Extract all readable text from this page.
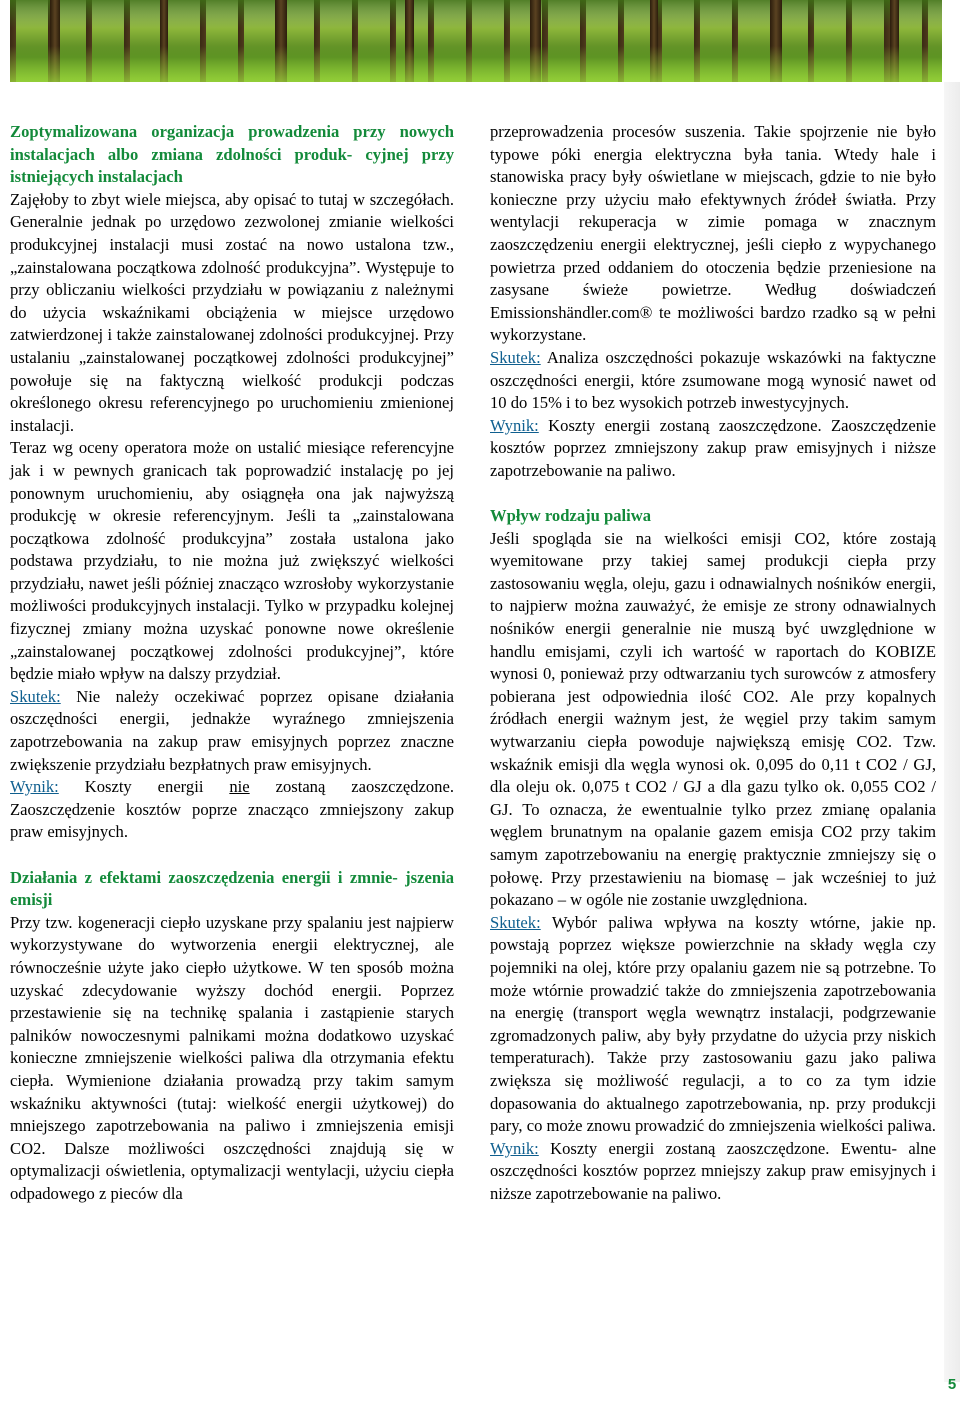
Zoptymalizowana organizacja prowadzenia przy nowych instalacjach albo zmiana zdolności produk- cyjnej przy istniejących instalacjach

Zajęłoby to zbyt wiele miejsca, aby opisać to tutaj w szczegółach. Generalnie jednak po urzędowo zezwolonej zmianie wielkości produkcyjnej instalacji musi zostać na nowo ustalona tzw., „zainstalowana początkowa zdolność produkcyjna”. Występuje to przy obliczaniu wielkości przydziału w powiązaniu z należnymi do użycia wskaźnikami obciążenia w miejsce urzędowo zatwierdzonej i także zainstalowanej zdolności produkcyjnej. Przy ustalaniu „zainstalowanej początkowej zdolności produkcyjnej” powołuje się na faktyczną wielkość produkcji podczas określonego okresu referencyjnego po uruchomieniu zmienionej instalacji.

Teraz wg oceny operatora może on ustalić miesiące referencyjne jak i w pewnych granicach tak poprowadzić instalację po jej ponownym uruchomieniu, aby osiągnęła ona jak najwyższą produkcję w okresie referencyjnym. Jeśli ta „zainstalowana początkowa zdolność produkcyjna” została ustalona jako podstawa przydziału, to nie można już zwiększyć wielkości przydziału, nawet jeśli później znacząco wzrosłoby wykorzystanie możliwości produkcyjnych instalacji. Tylko w przypadku kolejnej fizycznej zmiany można uzyskać ponowne nowe określenie „zainstalowanej początkowej zdolności produkcyjnej”, które będzie miało wpływ na dalszy przydział.

Skutek: Nie należy oczekiwać poprzez opisane działania oszczędności energii, jednakże wyraźnego zmniejszenia zapotrzebowania na zakup praw emisyjnych poprzez znaczne zwiększenie przydziału bezpłatnych praw emisyjnych.

Wynik: Koszty energii nie zostaną zaoszczędzone. Zaoszczędzenie kosztów poprze znacząco zmniejszony zakup praw emisyjnych.

Działania z efektami zaoszczędzenia energii i zmnie- jszenia emisji

Przy tzw. kogeneracji ciepło uzyskane przy spalaniu jest najpierw wykorzystywane do wytworzenia energii elektrycznej, ale równocześnie użyte jako ciepło użytkowe. W ten sposób można uzyskać zdecydowanie wyższy dochód energii. Poprzez przestawienie się na technikę spalania i zastąpienie starych palników nowoczesnymi palnikami można dodatkowo uzyskać konieczne zmniejszenie wielkości paliwa dla otrzymania efektu ciepła. Wymienione działania prowadzą przy takim samym wskaźniku aktywności (tutaj: wielkość energii użytkowej) do mniejszego zapotrzebowania na paliwo i zmniejszenia emisji CO2. Dalsze możliwości oszczędności znajdują się w optymalizacji oświetlenia, optymalizacji wentylacji, użyciu ciepła odpadowego z pieców dla

przeprowadzenia procesów suszenia. Takie spojrzenie nie było typowe póki energia elektryczna była tania. Wtedy hale i stanowiska pracy były oświetlane w miejscach, gdzie to nie było konieczne przy użyciu mało efektywnych źródeł światła. Przy wentylacji rekuperacja w zimie pomaga w znacznym zaoszczędzeniu energii elektrycznej, jeśli ciepło z wypychanego powietrza przed oddaniem do otoczenia będzie przeniesione na zasysane świeże powietrze. Według doświadczeń Emissionshändler.com® te możliwości bardzo rzadko są w pełni wykorzystane.

Skutek: Analiza oszczędności pokazuje wskazówki na faktyczne oszczędności energii, które zsumowane mogą wynosić nawet od 10 do 15% i to bez wysokich potrzeb inwestycyjnych.

Wynik: Koszty energii zostaną zaoszczędzone. Zaoszczędzenie kosztów poprzez zmniejszony zakup praw emisyjnych i niższe zapotrzebowanie na paliwo.

Wpływ rodzaju paliwa

Jeśli spogląda sie na wielkości emisji CO2, które zostają wyemitowane przy takiej samej produkcji ciepła przy zastosowaniu węgla, oleju, gazu i odnawialnych nośników energii, to najpierw można zauważyć, że emisje ze strony odnawialnych nośników energii generalnie nie muszą być uwzględnione w handlu emisjami, czyli ich wartość w raportach do KOBIZE wynosi 0, ponieważ przy odtwarzaniu tych surowców z atmosfery pobierana jest odpowiednia ilość CO2. Ale przy kopalnych źródłach energii ważnym jest, że węgiel przy takim samym wytwarzaniu ciepła powoduje największą emisję CO2. Tzw. wskaźnik emisji dla węgla wynosi ok. 0,095 do 0,11 t CO2 / GJ, dla oleju ok. 0,075 t CO2 / GJ a dla gazu tylko ok. 0,055 CO2 / GJ. To oznacza, że ewentualnie tylko przez zmianę opalania węglem brunatnym na opalanie gazem emisja CO2 przy takim samym zapotrzebowaniu na energię praktycznie zmniejszy się o połowę. Przy przestawieniu na biomasę – jak wcześniej to już pokazano – w ogóle nie zostanie uwzględniona.

Skutek: Wybór paliwa wpływa na koszty wtórne, jakie np. powstają poprzez większe powierzchnie na składy węgla czy pojemniki na olej, które przy opalaniu gazem nie są potrzebne. To może wtórnie prowadzić także do zmniejszenia zapotrzebowania na energię (transport węgla wewnątrz instalacji, podgrzewanie zgromadzonych paliw, aby były przydatne do użycia przy niskich temperaturach). Także przy zastosowaniu gazu jako paliwa zwiększa się możliwość regulacji, a to co za tym idzie dopasowania do aktualnego zapotrzebowania, np. przy produkcji pary, co może znowu prowadzić do zmniejszenia wielkości paliwa.

Wynik: Koszty energii zostaną zaoszczędzone. Ewentu- alne oszczędności kosztów poprzez mniejszy zakup praw emisyjnych i niższe zapotrzebowanie na paliwo.

5
